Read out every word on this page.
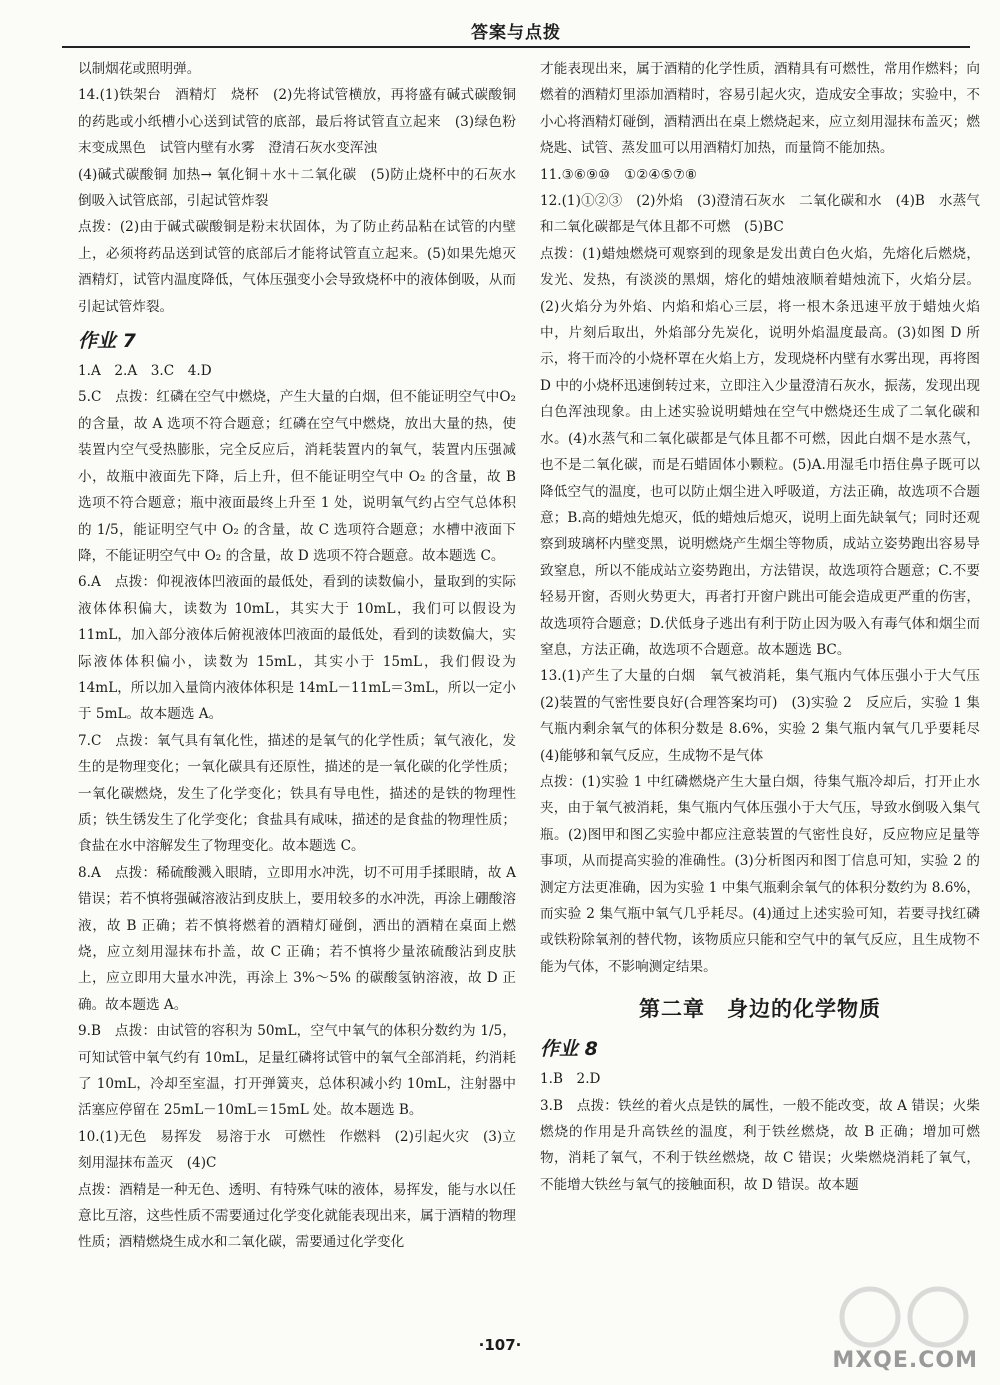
答案与点拨

以制烟花或照明弹。

14.(1)铁架台　酒精灯　烧杯　(2)先将试管横放，再将盛有碱式碳酸铜的药匙或小纸槽小心送到试管的底部，最后将试管直立起来　(3)绿色粉末变成黑色　试管内壁有水雾　澄清石灰水变浑浊

(4)碱式碳酸铜 加热→ 氧化铜＋水＋二氧化碳　(5)防止烧杯中的石灰水倒吸入试管底部，引起试管炸裂

点拨：(2)由于碱式碳酸铜是粉末状固体，为了防止药品粘在试管的内壁上，必须将药品送到试管的底部后才能将试管直立起来。(5)如果先熄灭酒精灯，试管内温度降低，气体压强变小会导致烧杯中的液体倒吸，从而引起试管炸裂。

作业 7

1.A　2.A　3.C　4.D

5.C　点拨：红磷在空气中燃烧，产生大量的白烟，但不能证明空气中O₂的含量，故 A 选项不符合题意；红磷在空气中燃烧，放出大量的热，使装置内空气受热膨胀，完全反应后，消耗装置内的氧气，装置内压强减小，故瓶中液面先下降，后上升，但不能证明空气中 O₂ 的含量，故 B 选项不符合题意；瓶中液面最终上升至 1 处，说明氧气约占空气总体积的 1/5，能证明空气中 O₂ 的含量，故 C 选项符合题意；水槽中液面下降，不能证明空气中 O₂ 的含量，故 D 选项不符合题意。故本题选 C。

6.A　点拨：仰视液体凹液面的最低处，看到的读数偏小，量取到的实际液体体积偏大，读数为 10mL，其实大于 10mL，我们可以假设为 11mL，加入部分液体后俯视液体凹液面的最低处，看到的读数偏大，实际液体体积偏小，读数为 15mL，其实小于 15mL，我们假设为 14mL，所以加入量筒内液体体积是 14mL－11mL＝3mL，所以一定小于 5mL。故本题选 A。

7.C　点拨：氧气具有氧化性，描述的是氧气的化学性质；氧气液化，发生的是物理变化；一氧化碳具有还原性，描述的是一氧化碳的化学性质；一氧化碳燃烧，发生了化学变化；铁具有导电性，描述的是铁的物理性质；铁生锈发生了化学变化；食盐具有咸味，描述的是食盐的物理性质；食盐在水中溶解发生了物理变化。故本题选 C。

8.A　点拨：稀硫酸溅入眼睛，立即用水冲洗，切不可用手揉眼睛，故 A 错误；若不慎将强碱溶液沾到皮肤上，要用较多的水冲洗，再涂上硼酸溶液，故 B 正确；若不慎将燃着的酒精灯碰倒，洒出的酒精在桌面上燃烧，应立刻用湿抹布扑盖，故 C 正确；若不慎将少量浓硫酸沾到皮肤上，应立即用大量水冲洗，再涂上 3%～5% 的碳酸氢钠溶液，故 D 正确。故本题选 A。

9.B　点拨：由试管的容积为 50mL，空气中氧气的体积分数约为 1/5，可知试管中氧气约有 10mL，足量红磷将试管中的氧气全部消耗，约消耗了 10mL，冷却至室温，打开弹簧夹，总体积减小约 10mL，注射器中活塞应停留在 25mL－10mL＝15mL 处。故本题选 B。

10.(1)无色　易挥发　易溶于水　可燃性　作燃料　(2)引起火灾　(3)立刻用湿抹布盖灭　(4)C

点拨：酒精是一种无色、透明、有特殊气味的液体，易挥发，能与水以任意比互溶，这些性质不需要通过化学变化就能表现出来，属于酒精的物理性质；酒精燃烧生成水和二氧化碳，需要通过化学变化

才能表现出来，属于酒精的化学性质，酒精具有可燃性，常用作燃料；向燃着的酒精灯里添加酒精时，容易引起火灾，造成安全事故；实验中，不小心将酒精灯碰倒，酒精洒出在桌上燃烧起来，应立刻用湿抹布盖灭；燃烧匙、试管、蒸发皿可以用酒精灯加热，而量筒不能加热。

11.③⑥⑨⑩　①②④⑤⑦⑧

12.(1)①②③　(2)外焰　(3)澄清石灰水　二氧化碳和水　(4)B　水蒸气和二氧化碳都是气体且都不可燃　(5)BC

点拨：(1)蜡烛燃烧可观察到的现象是发出黄白色火焰，先熔化后燃烧，发光、发热，有淡淡的黑烟，熔化的蜡烛液顺着蜡烛流下，火焰分层。(2)火焰分为外焰、内焰和焰心三层，将一根木条迅速平放于蜡烛火焰中，片刻后取出，外焰部分先炭化，说明外焰温度最高。(3)如图 D 所示，将干而冷的小烧杯罩在火焰上方，发现烧杯内壁有水雾出现，再将图 D 中的小烧杯迅速倒转过来，立即注入少量澄清石灰水，振荡，发现出现白色浑浊现象。由上述实验说明蜡烛在空气中燃烧还生成了二氧化碳和水。(4)水蒸气和二氧化碳都是气体且都不可燃，因此白烟不是水蒸气，也不是二氧化碳，而是石蜡固体小颗粒。(5)A.用湿毛巾捂住鼻子既可以降低空气的温度，也可以防止烟尘进入呼吸道，方法正确，故选项不合题意；B.高的蜡烛先熄灭，低的蜡烛后熄灭，说明上面先缺氧气；同时还观察到玻璃杯内壁变黑，说明燃烧产生烟尘等物质，成站立姿势跑出容易导致窒息，所以不能成站立姿势跑出，方法错误，故选项符合题意；C.不要轻易开窗，否则火势更大，再者打开窗户跳出可能会造成更严重的伤害，故选项符合题意；D.伏低身子逃出有利于防止因为吸入有毒气体和烟尘而窒息，方法正确，故选项不合题意。故本题选 BC。

13.(1)产生了大量的白烟　氧气被消耗，集气瓶内气体压强小于大气压　(2)装置的气密性要良好(合理答案均可)　(3)实验 2　反应后，实验 1 集气瓶内剩余氧气的体积分数是 8.6%，实验 2 集气瓶内氧气几乎要耗尽　(4)能够和氧气反应，生成物不是气体

点拨：(1)实验 1 中红磷燃烧产生大量白烟，待集气瓶冷却后，打开止水夹，由于氧气被消耗，集气瓶内气体压强小于大气压，导致水倒吸入集气瓶。(2)图甲和图乙实验中都应注意装置的气密性良好，反应物应足量等事项，从而提高实验的准确性。(3)分析图丙和图丁信息可知，实验 2 的测定方法更准确，因为实验 1 中集气瓶剩余氧气的体积分数约为 8.6%，而实验 2 集气瓶中氧气几乎耗尽。(4)通过上述实验可知，若要寻找红磷或铁粉除氧剂的替代物，该物质应只能和空气中的氧气反应，且生成物不能为气体，不影响测定结果。

第二章　身边的化学物质
作业 8

1.B　2.D

3.B　点拨：铁丝的着火点是铁的属性，一般不能改变，故 A 错误；火柴燃烧的作用是升高铁丝的温度，利于铁丝燃烧，故 B 正确；增加可燃物，消耗了氧气，不利于铁丝燃烧，故 C 错误；火柴燃烧消耗了氧气，不能增大铁丝与氧气的接触面积，故 D 错误。故本题

·107·
MXQE.COM
